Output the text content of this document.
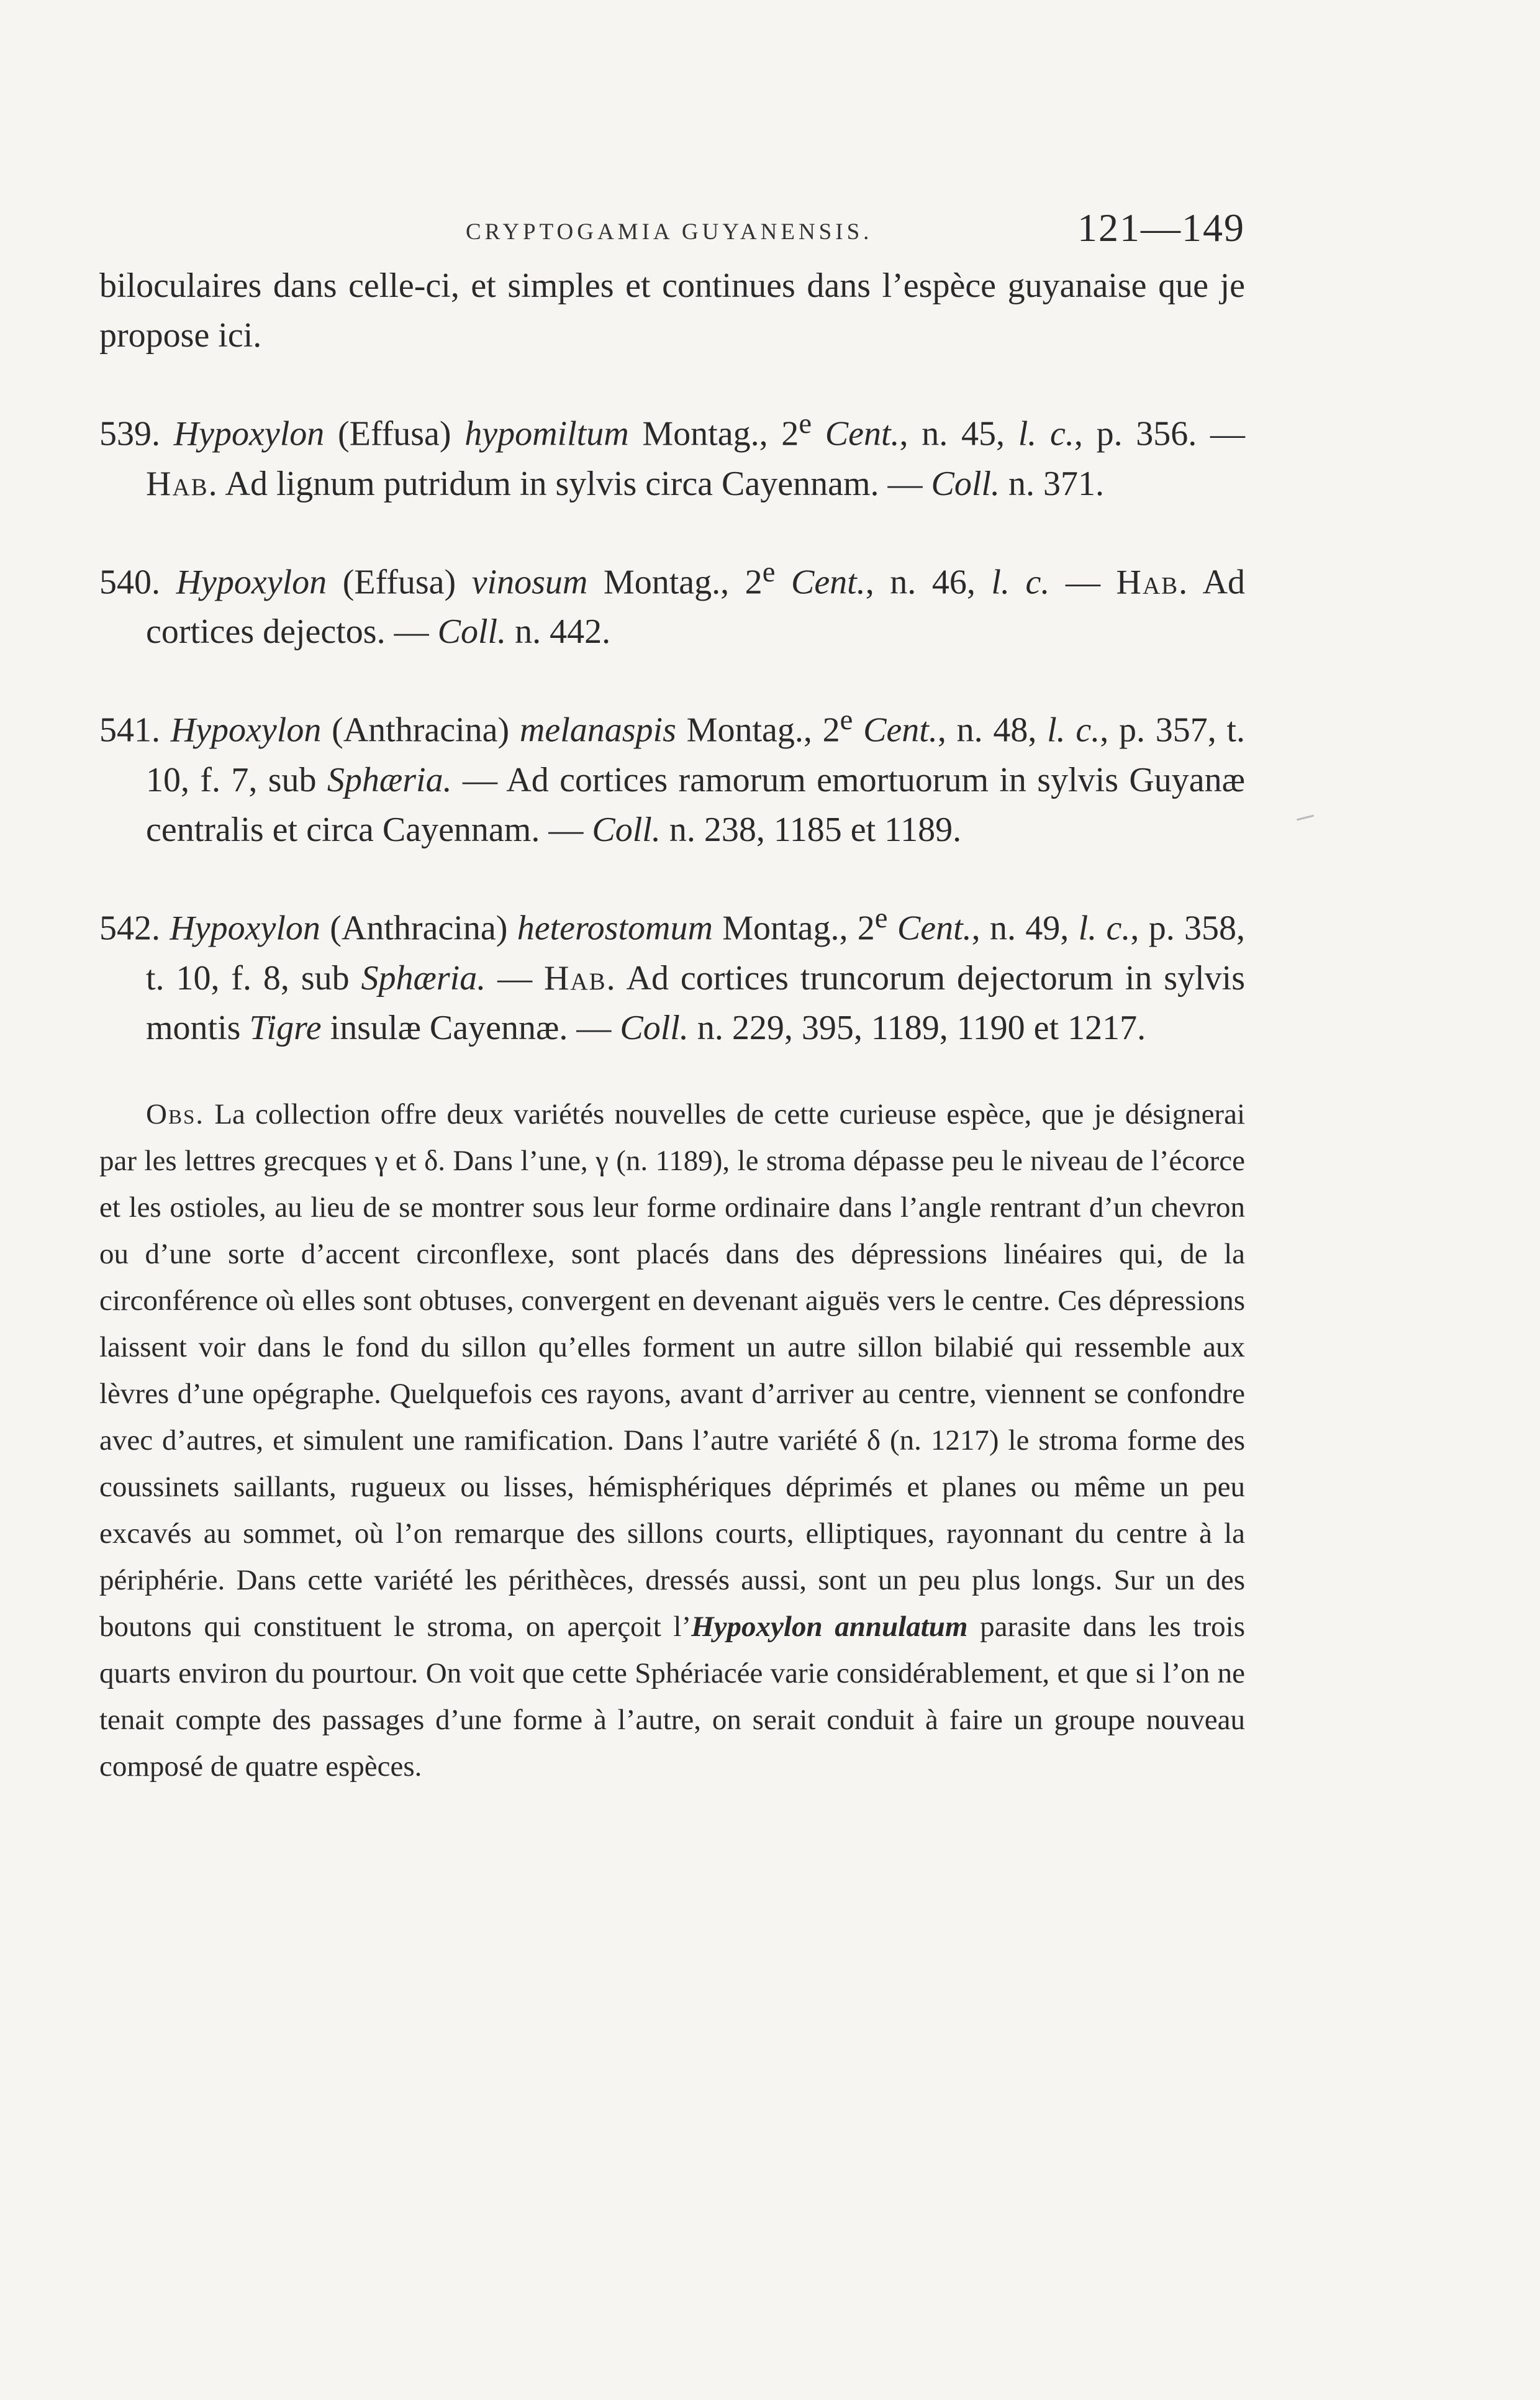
CRYPTOGAMIA GUYANENSIS.	121—149

biloculaires dans celle-ci, et simples et continues dans l’espèce guyanaise que je propose ici.

539. Hypoxylon (Effusa) hypomiltum Montag., 2e Cent., n. 45, l. c., p. 356. — Hab. Ad lignum putridum in sylvis circa Cayennam. — Coll. n. 371.

540. Hypoxylon (Effusa) vinosum Montag., 2e Cent., n. 46, l. c. — Hab. Ad cortices dejectos. — Coll. n. 442.

541. Hypoxylon (Anthracina) melanaspis Montag., 2e Cent., n. 48, l. c., p. 357, t. 10, f. 7, sub Sphæria. — Ad cortices ramorum emortuorum in sylvis Guyanæ centralis et circa Cayennam. — Coll. n. 238, 1185 et 1189.

542. Hypoxylon (Anthracina) heterostomum Montag., 2e Cent., n. 49, l. c., p. 358, t. 10, f. 8, sub Sphæria. — Hab. Ad cortices truncorum dejectorum in sylvis montis Tigre insulæ Cayennæ. — Coll. n. 229, 395, 1189, 1190 et 1217.

Obs. La collection offre deux variétés nouvelles de cette curieuse espèce, que je désignerai par les lettres grecques γ et δ. Dans l’une, γ (n. 1189), le stroma dépasse peu le niveau de l’écorce et les ostioles, au lieu de se montrer sous leur forme ordinaire dans l’angle rentrant d’un chevron ou d’une sorte d’accent circonflexe, sont placés dans des dépressions linéaires qui, de la circonférence où elles sont obtuses, convergent en devenant aiguës vers le centre. Ces dépressions laissent voir dans le fond du sillon qu’elles forment un autre sillon bilabié qui ressemble aux lèvres d’une opégraphe. Quelquefois ces rayons, avant d’arriver au centre, viennent se confondre avec d’autres, et simulent une ramification. Dans l’autre variété δ (n. 1217) le stroma forme des coussinets saillants, rugueux ou lisses, hémisphériques déprimés et planes ou même un peu excavés au sommet, où l’on remarque des sillons courts, elliptiques, rayonnant du centre à la périphérie. Dans cette variété les périthèces, dressés aussi, sont un peu plus longs. Sur un des boutons qui constituent le stroma, on aperçoit l’Hypoxylon annulatum parasite dans les trois quarts environ du pourtour. On voit que cette Sphériacée varie considérablement, et que si l’on ne tenait compte des passages d’une forme à l’autre, on serait conduit à faire un groupe nouveau composé de quatre espèces.
